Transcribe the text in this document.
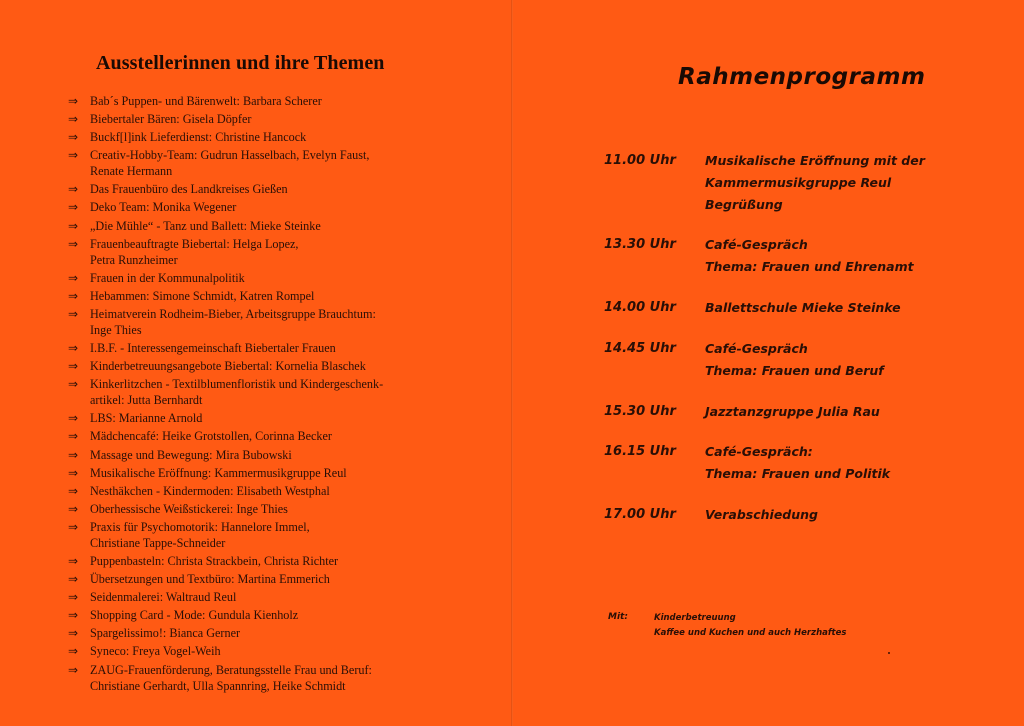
Ausstellerinnen und ihre Themen
⇒ Bab´s Puppen- und Bärenwelt: Barbara Scherer
⇒ Biebertaler Bären: Gisela Döpfer
⇒ Buckf[l]ink Lieferdienst: Christine Hancock
⇒ Creativ-Hobby-Team: Gudrun Hasselbach, Evelyn Faust,
Renate Hermann
⇒ Das Frauenbüro des Landkreises Gießen
⇒ Deko Team: Monika Wegener
⇒ „Die Mühle“ - Tanz und Ballett: Mieke Steinke
⇒ Frauenbeauftragte Biebertal: Helga Lopez,
Petra Runzheimer
⇒ Frauen in der Kommunalpolitik
⇒ Hebammen: Simone Schmidt, Katren Rompel
⇒ Heimatverein Rodheim-Bieber, Arbeitsgruppe Brauchtum:
Inge Thies
⇒ I.B.F. - Interessengemeinschaft Biebertaler Frauen
⇒ Kinderbetreuungsangebote Biebertal: Kornelia Blaschek
⇒ Kinkerlitzchen - Textilblumenfloristik und Kindergeschenk-
artikel: Jutta Bernhardt
⇒ LBS: Marianne Arnold
⇒ Mädchencafé: Heike Grotstollen, Corinna Becker
⇒ Massage und Bewegung: Mira Bubowski
⇒ Musikalische Eröffnung: Kammermusikgruppe Reul
⇒ Nesthäkchen - Kindermoden: Elisabeth Westphal
⇒ Oberhessische Weißstickerei: Inge Thies
⇒ Praxis für Psychomotorik: Hannelore Immel,
Christiane Tappe-Schneider
⇒ Puppenbasteln: Christa Strackbein, Christa Richter
⇒ Übersetzungen und Textbüro: Martina Emmerich
⇒ Seidenmalerei: Waltraud Reul
⇒ Shopping Card - Mode: Gundula Kienholz
⇒ Spargelissimo!: Bianca Gerner
⇒ Syneco: Freya Vogel-Weih
⇒ ZAUG-Frauenförderung, Beratungsstelle Frau und Beruf:
Christiane Gerhardt, Ulla Spannring, Heike Schmidt
Rahmenprogramm
11.00 Uhr Musikalische Eröffnung mit der
Kammermusikgruppe Reul
Begrüßung
13.30 Uhr Café-Gespräch
Thema: Frauen und Ehrenamt
14.00 Uhr Ballettschule Mieke Steinke
14.45 Uhr Café-Gespräch
Thema: Frauen und Beruf
15.30 Uhr Jazztanzgruppe Julia Rau
16.15 Uhr Café-Gespräch:
Thema: Frauen und Politik
17.00 Uhr Verabschiedung
Mit:	Kinderbetreuung
Kaffee und Kuchen und auch Herzhaftes
